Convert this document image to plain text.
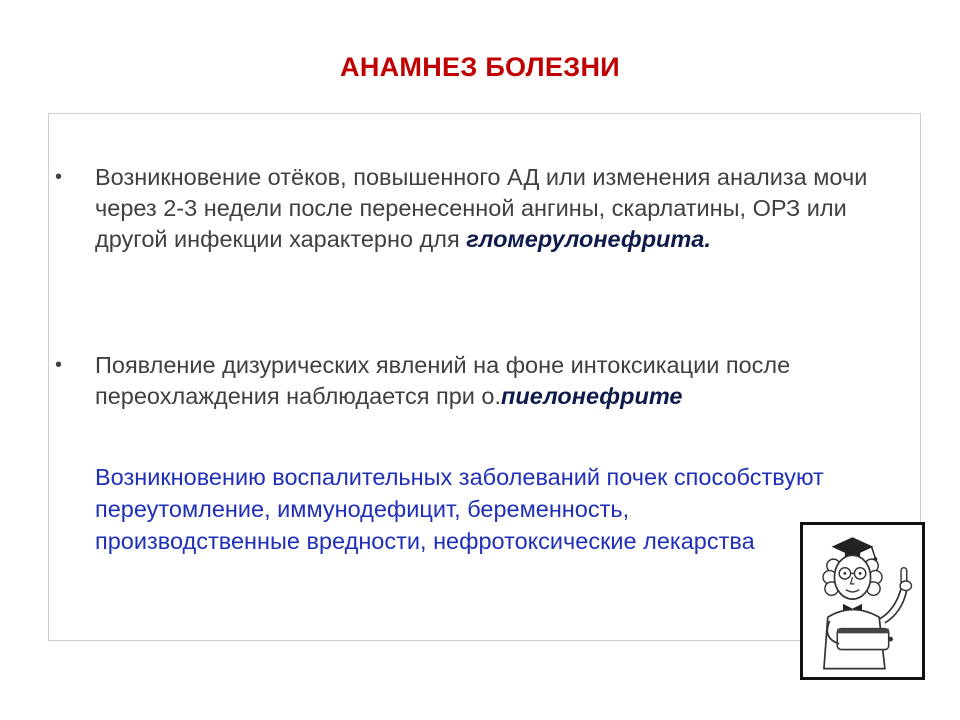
АНАМНЕЗ БОЛЕЗНИ
•	Возникновение отёков, повышенного АД или изменения анализа мочи через 2-3 недели после перенесенной ангины, скарлатины, ОРЗ или другой инфекции характерно для гломерулонефрита.
•	Появление дизурических явлений на фоне интоксикации после переохлаждения наблюдается при о.пиелонефрите
Возникновению воспалительных заболеваний почек способствуют переутомление, иммунодефицит, беременность, производственные вредности, нефротоксические лекарства
